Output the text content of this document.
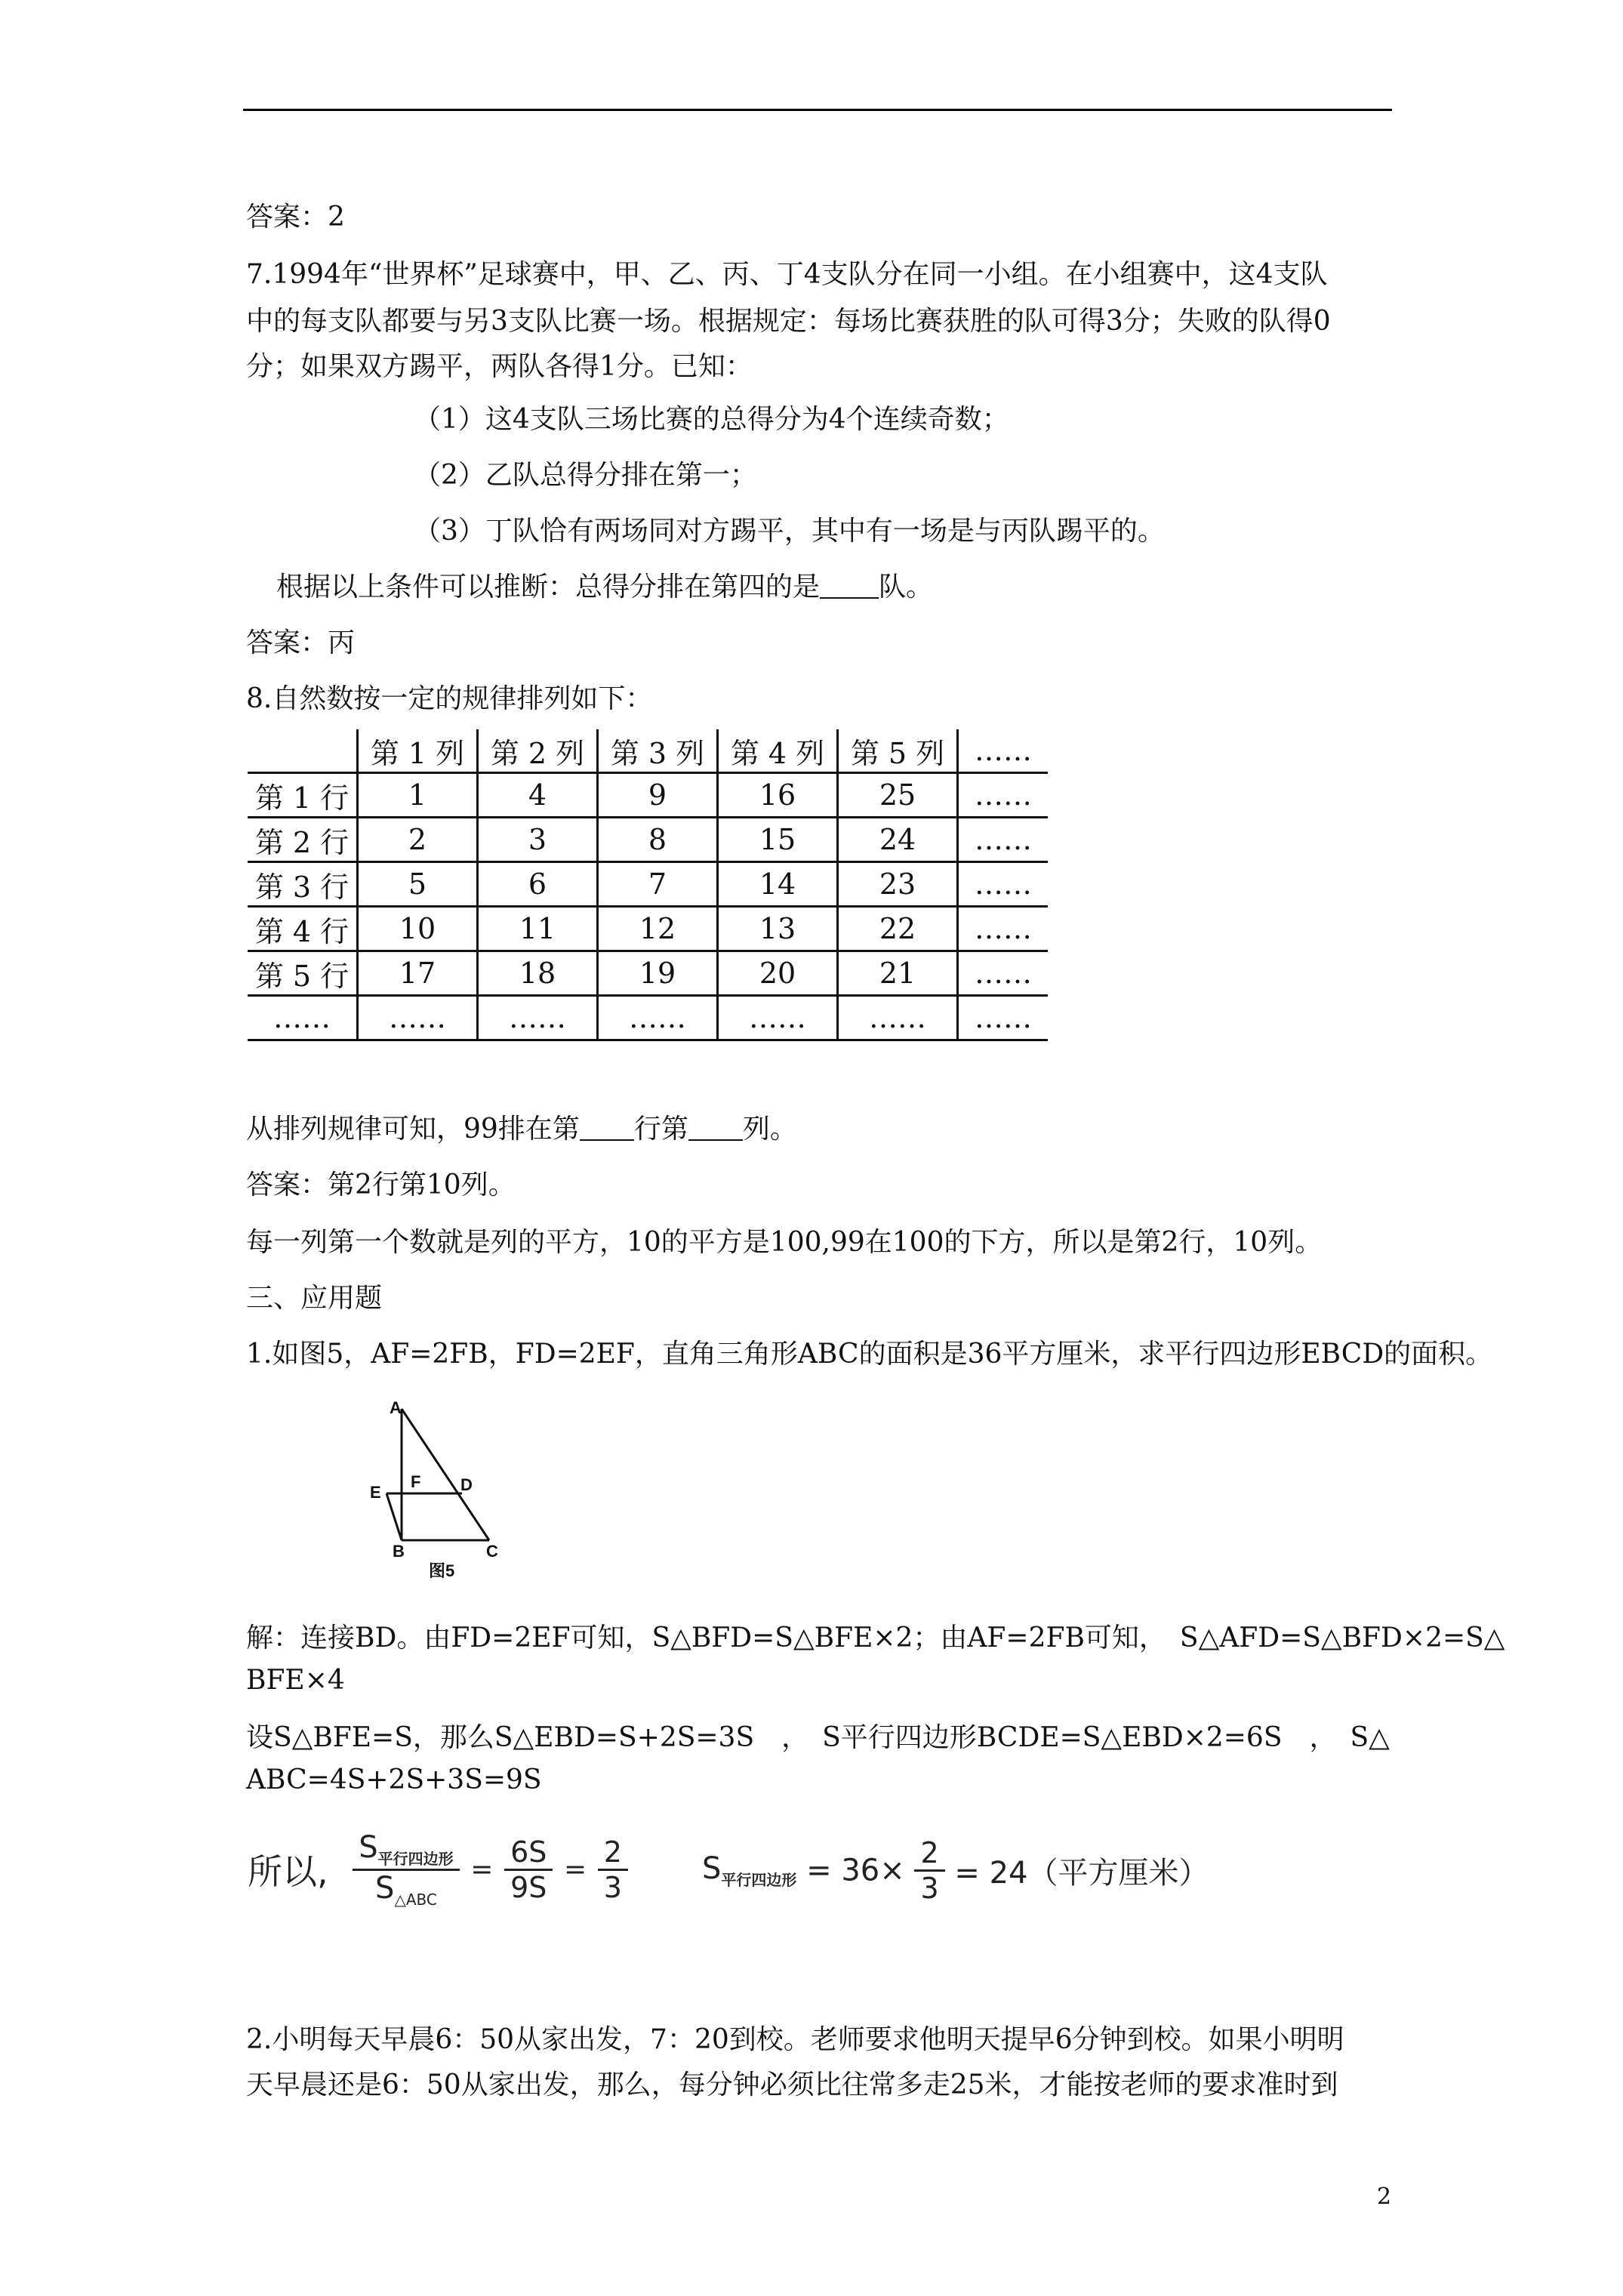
答案：2
7.1994年“世界杯”足球赛中，甲、乙、丙、丁4支队分在同一小组。在小组赛中，这4支队
中的每支队都要与另3支队比赛一场。根据规定：每场比赛获胜的队可得3分；失败的队得0
分；如果双方踢平，两队各得1分。已知：
（1）这4支队三场比赛的总得分为4个连续奇数；
（2）乙队总得分排在第一；
（3）丁队恰有两场同对方踢平，其中有一场是与丙队踢平的。
根据以上条件可以推断：总得分排在第四的是 队。
答案：丙
8.自然数按一定的规律排列如下：
	第 1 列	第 2 列	第 3 列	第 4 列	第 5 列	……
第 1 行	1	4	9	16	25	……
第 2 行	2	3	8	15	24	……
第 3 行	5	6	7	14	23	……
第 4 行	10	11	12	13	22	……
第 5 行	17	18	19	20	21	……
……	……	……	……	……	……	……
从排列规律可知，99排在第 行第 列。
答案：第2行第10列。
每一列第一个数就是列的平方，10的平方是100,99在100的下方，所以是第2行，10列。
三、应用题
1.如图5，AF=2FB，FD=2EF，直角三角形ABC的面积是36平方厘米，求平行四边形EBCD的面积。
A
F D
E
B	C
图5
解：连接BD。由FD=2EF可知，S△BFD=S△BFE×2；由AF=2FB可知，　S△AFD=S△BFD×2=S△
BFE×4
设S△BFE=S，那么S△EBD=S+2S=3S　，　S平行四边形BCDE=S△EBD×2=6S　，　S△
ABC=4S+2S+3S=9S
所以, $\frac{S_{平行四边形}}{S_{\triangle ABC}} = \frac{6S}{9S} = \frac{2}{3} S_{平行四边形} = 36\times \frac{2}{3} = 24$（平方厘米）
2.小明每天早晨6：50从家出发，7：20到校。老师要求他明天提早6分钟到校。如果小明明
天早晨还是6：50从家出发，那么，每分钟必须比往常多走25米，才能按老师的要求准时到
2
